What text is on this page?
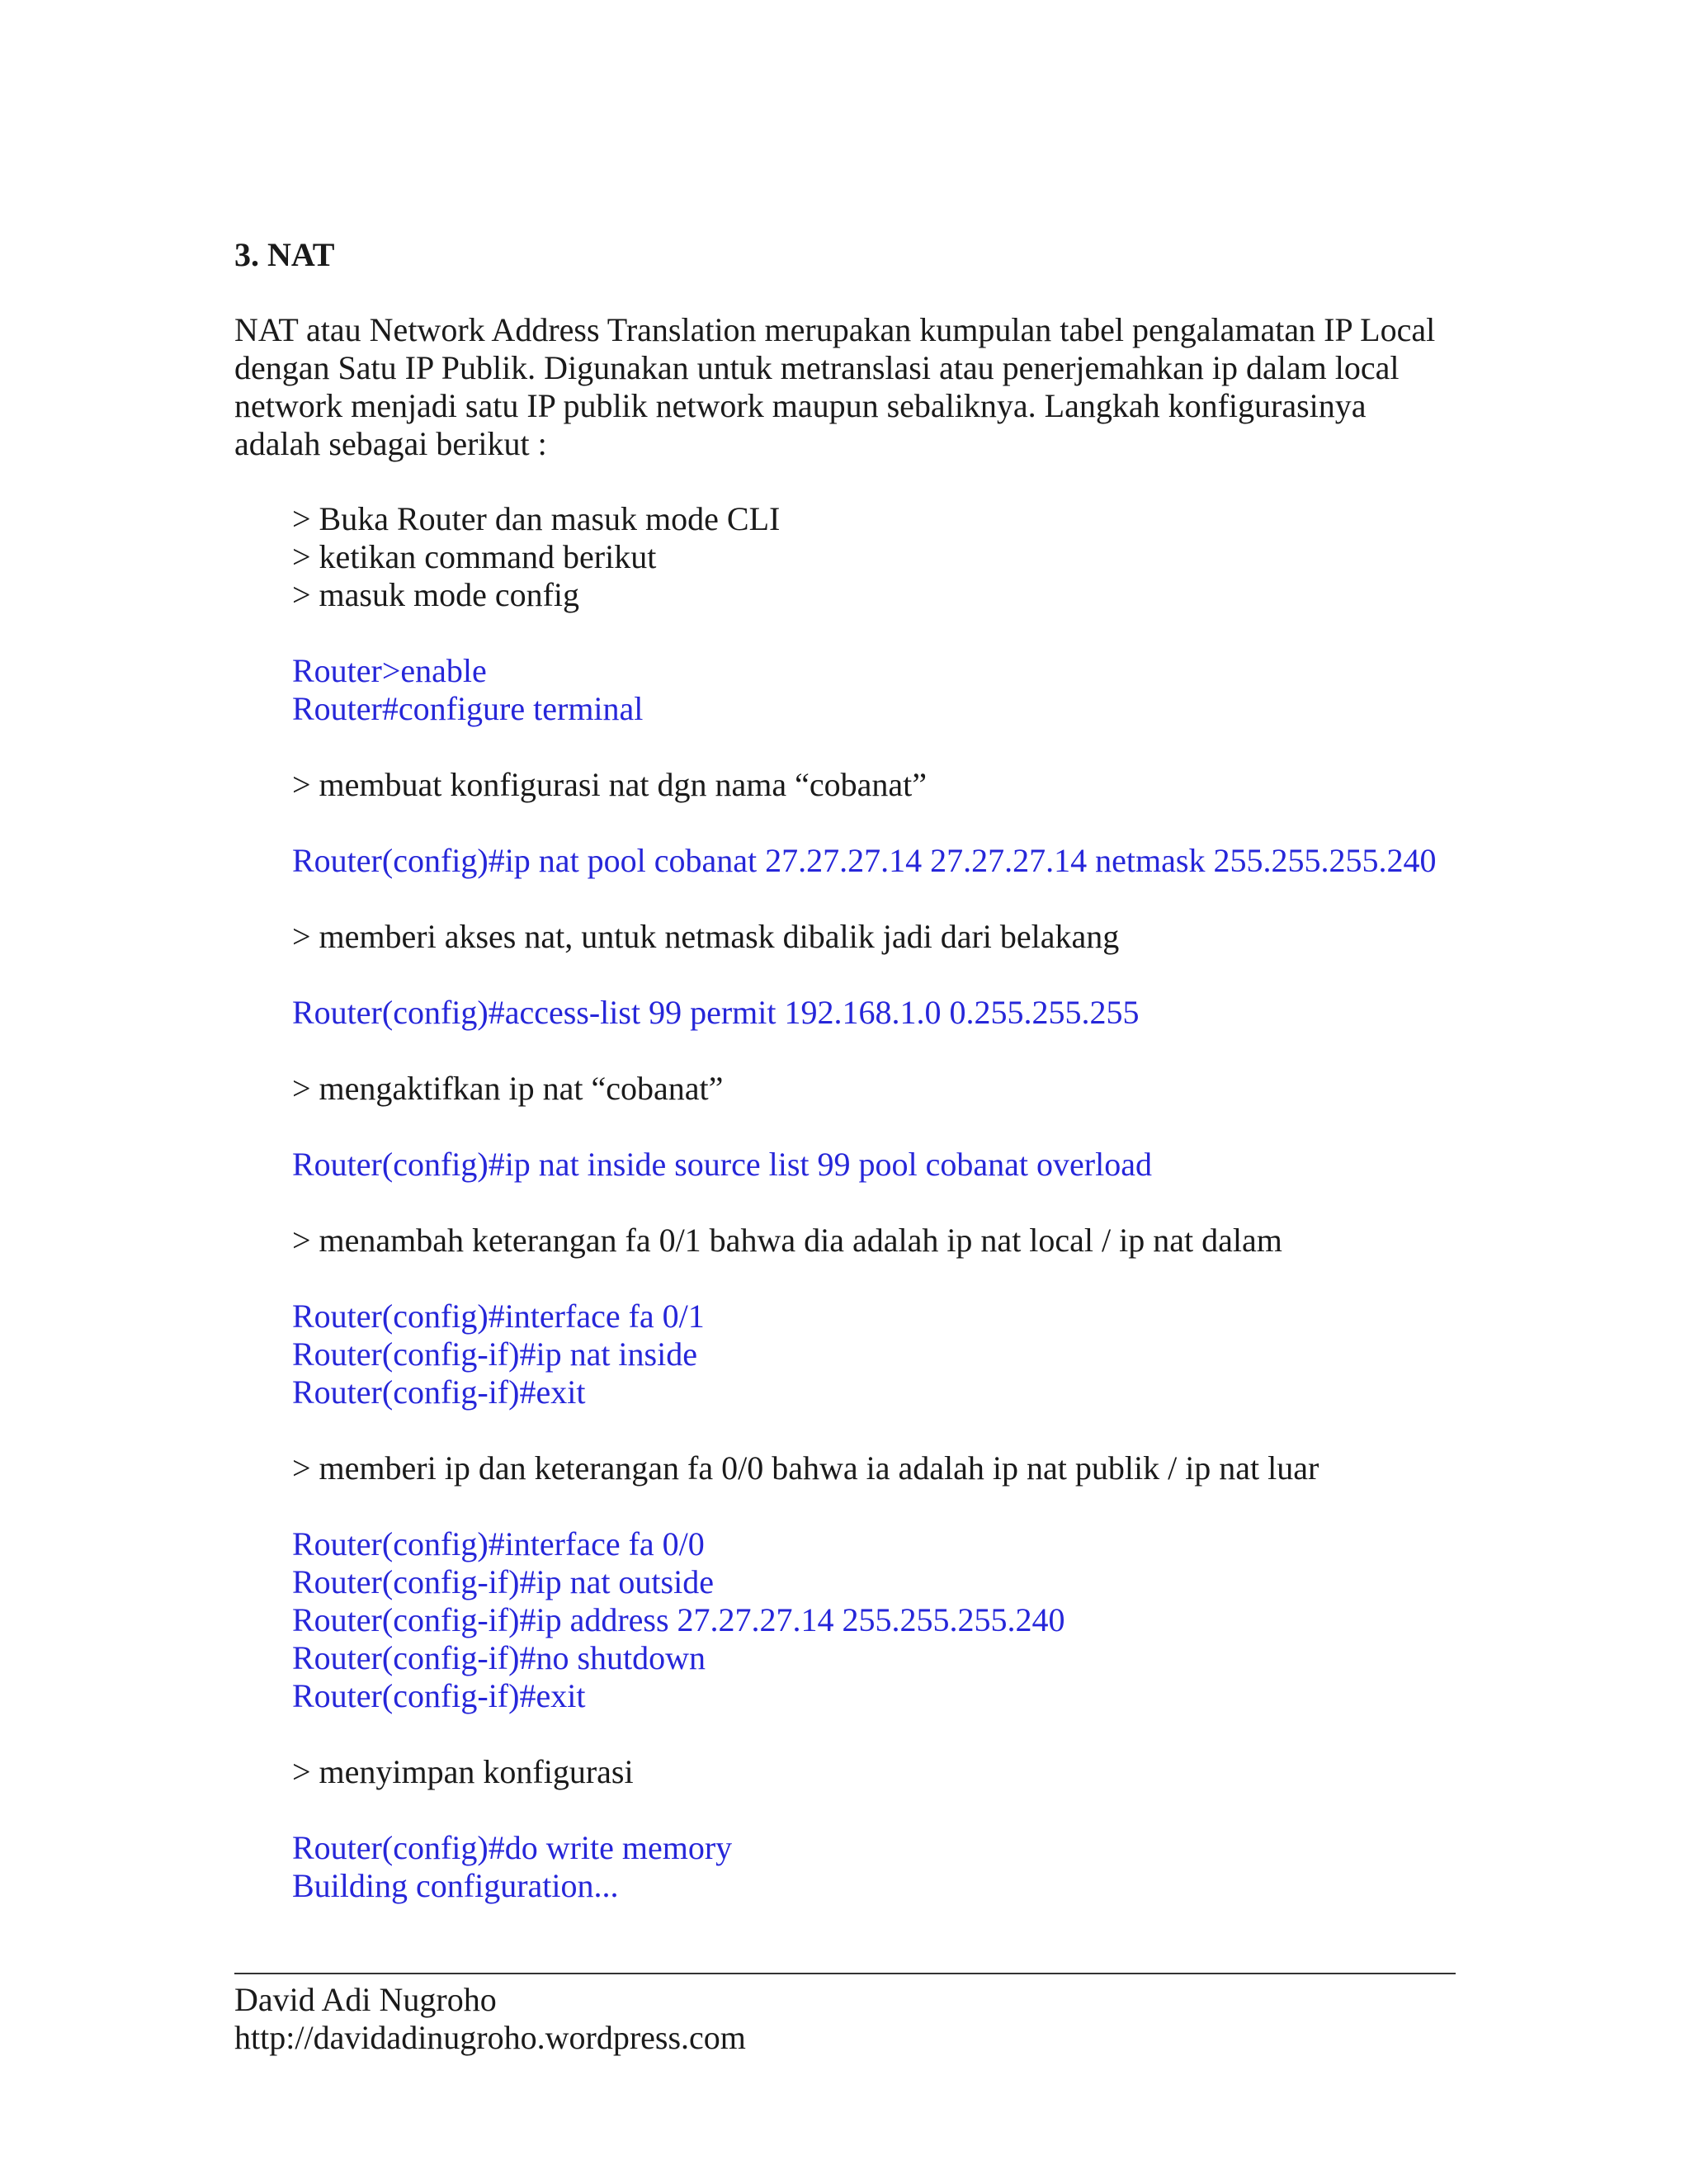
3. NAT
NAT atau Network Address Translation merupakan kumpulan tabel pengalamatan IP Local
dengan Satu IP Publik. Digunakan untuk metranslasi atau penerjemahkan ip dalam local
network menjadi satu IP publik network maupun sebaliknya. Langkah konfigurasinya
adalah sebagai berikut :
> Buka Router dan masuk mode CLI
> ketikan command berikut
> masuk mode config
Router>enable
Router#configure terminal
> membuat konfigurasi nat dgn nama “cobanat”
Router(config)#ip nat pool cobanat 27.27.27.14 27.27.27.14 netmask 255.255.255.240
> memberi akses nat, untuk netmask dibalik jadi dari belakang
Router(config)#access-list 99 permit 192.168.1.0 0.255.255.255
> mengaktifkan ip nat “cobanat”
Router(config)#ip nat inside source list 99 pool cobanat overload
> menambah keterangan fa 0/1 bahwa dia adalah ip nat local / ip nat dalam
Router(config)#interface fa 0/1
Router(config-if)#ip nat inside
Router(config-if)#exit
> memberi ip dan keterangan fa 0/0 bahwa ia adalah ip nat publik / ip nat luar
Router(config)#interface fa 0/0
Router(config-if)#ip nat outside
Router(config-if)#ip address 27.27.27.14 255.255.255.240
Router(config-if)#no shutdown
Router(config-if)#exit
> menyimpan konfigurasi
Router(config)#do write memory
Building configuration...
David Adi Nugroho
http://davidadinugroho.wordpress.com
